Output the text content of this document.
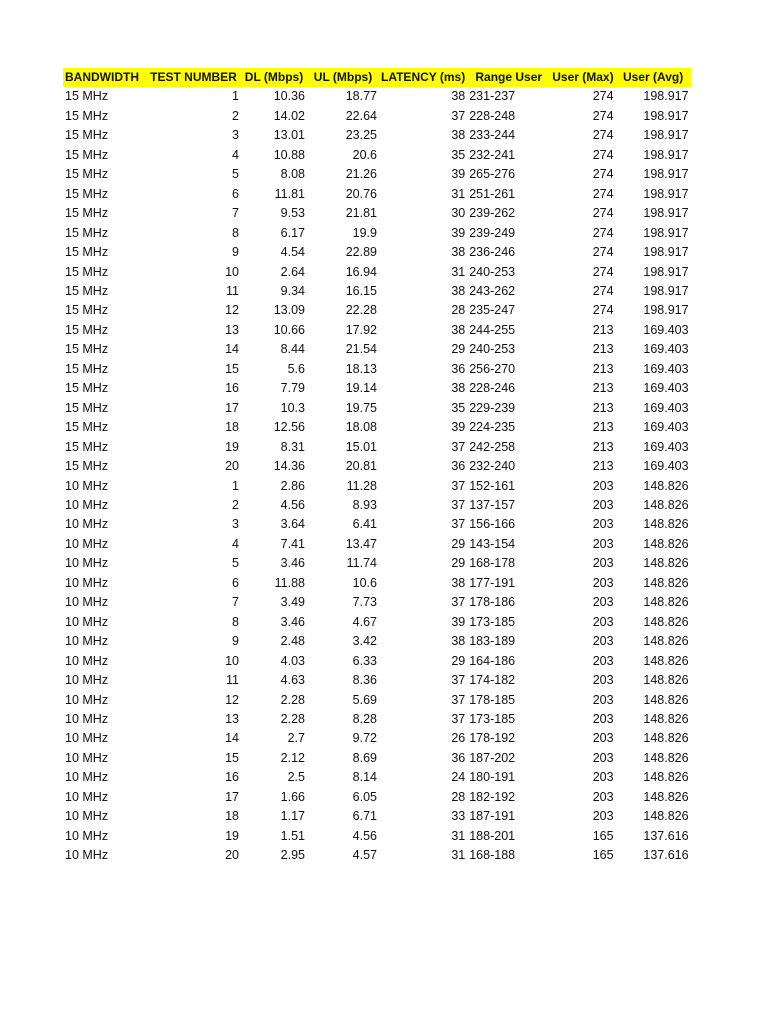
BANDWIDTH	TEST NUMBER	DL (Mbps)	UL (Mbps)	LATENCY (ms)	Range User	User (Max)	User (Avg)
15 MHz	1	10.36	18.77	38	231-237	274	198.917
15 MHz	2	14.02	22.64	37	228-248	274	198.917
15 MHz	3	13.01	23.25	38	233-244	274	198.917
15 MHz	4	10.88	20.6	35	232-241	274	198.917
15 MHz	5	8.08	21.26	39	265-276	274	198.917
15 MHz	6	11.81	20.76	31	251-261	274	198.917
15 MHz	7	9.53	21.81	30	239-262	274	198.917
15 MHz	8	6.17	19.9	39	239-249	274	198.917
15 MHz	9	4.54	22.89	38	236-246	274	198.917
15 MHz	10	2.64	16.94	31	240-253	274	198.917
15 MHz	11	9.34	16.15	38	243-262	274	198.917
15 MHz	12	13.09	22.28	28	235-247	274	198.917
15 MHz	13	10.66	17.92	38	244-255	213	169.403
15 MHz	14	8.44	21.54	29	240-253	213	169.403
15 MHz	15	5.6	18.13	36	256-270	213	169.403
15 MHz	16	7.79	19.14	38	228-246	213	169.403
15 MHz	17	10.3	19.75	35	229-239	213	169.403
15 MHz	18	12.56	18.08	39	224-235	213	169.403
15 MHz	19	8.31	15.01	37	242-258	213	169.403
15 MHz	20	14.36	20.81	36	232-240	213	169.403
10 MHz	1	2.86	11.28	37	152-161	203	148.826
10 MHz	2	4.56	8.93	37	137-157	203	148.826
10 MHz	3	3.64	6.41	37	156-166	203	148.826
10 MHz	4	7.41	13.47	29	143-154	203	148.826
10 MHz	5	3.46	11.74	29	168-178	203	148.826
10 MHz	6	11.88	10.6	38	177-191	203	148.826
10 MHz	7	3.49	7.73	37	178-186	203	148.826
10 MHz	8	3.46	4.67	39	173-185	203	148.826
10 MHz	9	2.48	3.42	38	183-189	203	148.826
10 MHz	10	4.03	6.33	29	164-186	203	148.826
10 MHz	11	4.63	8.36	37	174-182	203	148.826
10 MHz	12	2.28	5.69	37	178-185	203	148.826
10 MHz	13	2.28	8.28	37	173-185	203	148.826
10 MHz	14	2.7	9.72	26	178-192	203	148.826
10 MHz	15	2.12	8.69	36	187-202	203	148.826
10 MHz	16	2.5	8.14	24	180-191	203	148.826
10 MHz	17	1.66	6.05	28	182-192	203	148.826
10 MHz	18	1.17	6.71	33	187-191	203	148.826
10 MHz	19	1.51	4.56	31	188-201	165	137.616
10 MHz	20	2.95	4.57	31	168-188	165	137.616
